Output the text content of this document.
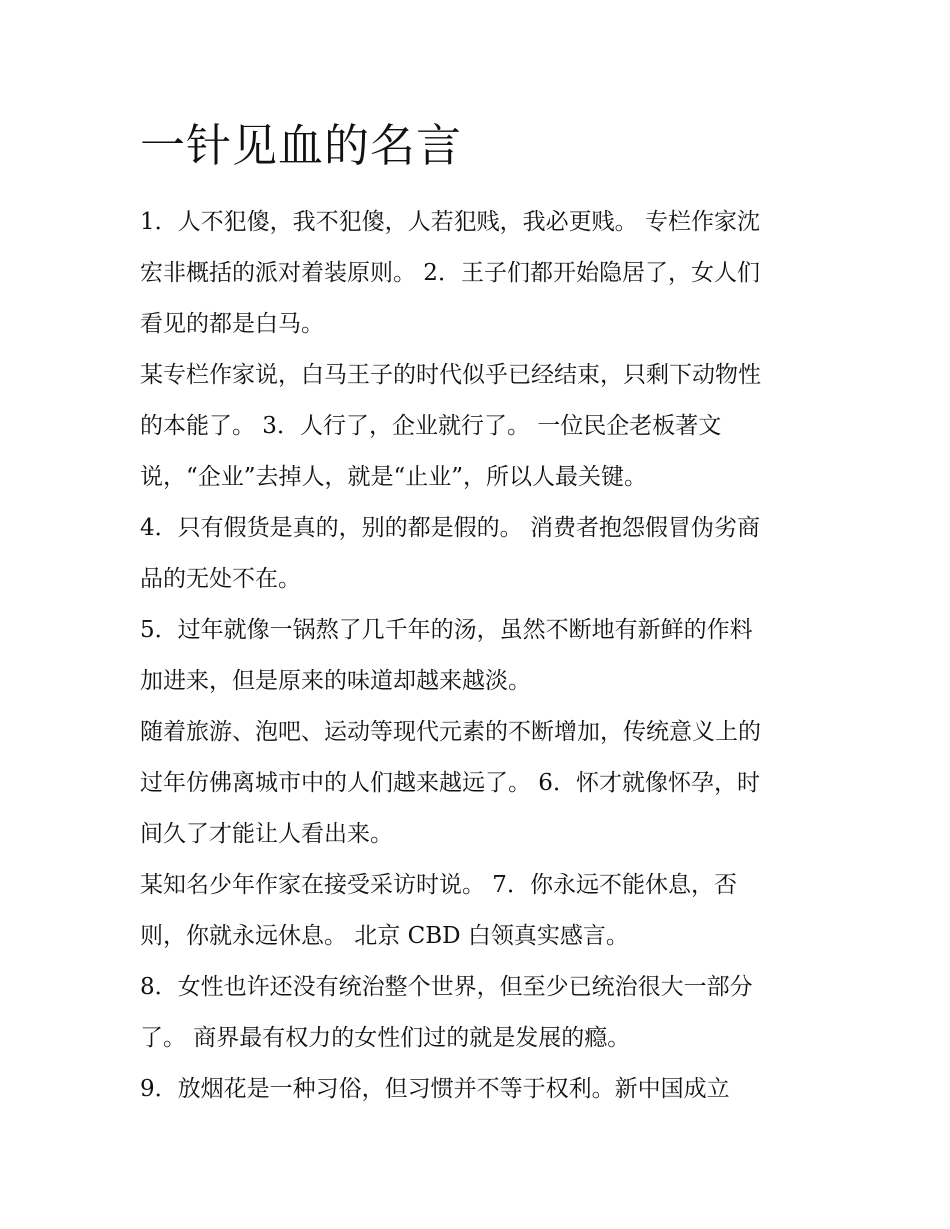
一针见血的名言
1．人不犯傻，我不犯傻，人若犯贱，我必更贱。 专栏作家沈
宏非概括的派对着装原则。 2．王子们都开始隐居了，女人们
看见的都是白马。
某专栏作家说，白马王子的时代似乎已经结束，只剩下动物性
的本能了。 3．人行了，企业就行了。 一位民企老板著文
说，“企业”去掉人，就是“止业”，所以人最关键。
4．只有假货是真的，别的都是假的。 消费者抱怨假冒伪劣商
品的无处不在。
5．过年就像一锅熬了几千年的汤，虽然不断地有新鲜的作料
加进来，但是原来的味道却越来越淡。
随着旅游、泡吧、运动等现代元素的不断增加，传统意义上的
过年仿佛离城市中的人们越来越远了。 6．怀才就像怀孕，时
间久了才能让人看出来。
某知名少年作家在接受采访时说。 7．你永远不能休息，否
则，你就永远休息。 北京 CBD 白领真实感言。
8．女性也许还没有统治整个世界，但至少已统治很大一部分
了。 商界最有权力的女性们过的就是发展的瘾。
9．放烟花是一种习俗，但习惯并不等于权利。新中国成立
